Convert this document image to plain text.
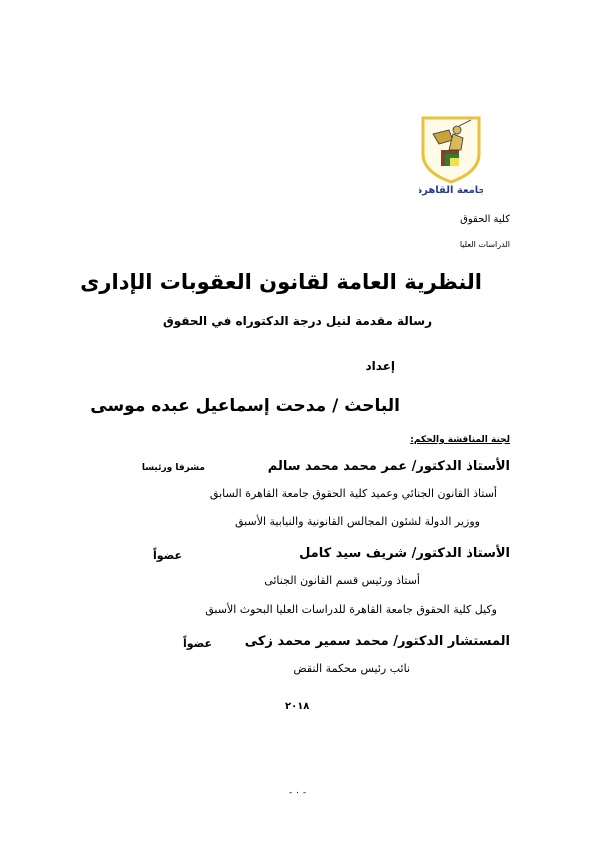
جامعة القاهرة
كلية الحقوق
الدراسات العليا
النظرية العامة لقانون العقوبات الإدارى
رسالة مقدمة لنيل درجة الدكتوراه في الحقوق
إعداد
الباحث / مدحت إسماعيل عبده موسى
لجنة المناقشة والحكم:
الأستاذ الدكتور/ عمر محمد محمد سالم
مشرفا ورئيسا
أستاذ القانون الجنائي وعميد كلية الحقوق جامعة القاهرة السابق
ووزير الدولة لشئون المجالس القانونية والنيابية الأسبق
الأستاذ الدكتور/ شريف سيد كامل
عضواً
أستاذ ورئيس قسم القانون الجنائى
وكيل كلية الحقوق جامعة القاهرة للدراسات العليا البحوث الأسبق
المستشار الدكتور/ محمد سمير محمد زكى
عضواً
نائب رئيس محكمة النقض
٢٠١٨
- ٠ -
